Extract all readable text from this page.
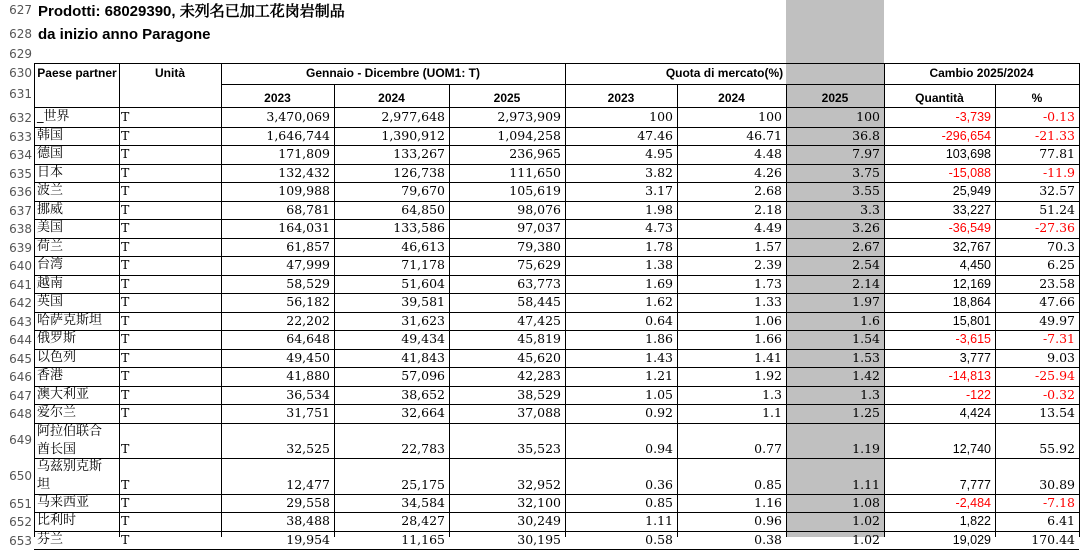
627
628
629
630
631
Prodotti: 68029390, 未列名已加工花岗岩制品
da inizio anno Paragone
Paese partner	Unità	Gennaio - Dicembre (UOM1: T)	Quota di mercato(%)	Cambio 2025/2024
2023	2024	2025	2023	2024	2025	Quantità	%
632 _世界	T	3,470,069	2,977,648	2,973,909	100	100	100	-3,739	-0.13
633 韩国	T	1,646,744	1,390,912	1,094,258	47.46	46.71	36.8	-296,654	-21.33
634 德国	T	171,809	133,267	236,965	4.95	4.48	7.97	103,698	77.81
635 日本	T	132,432	126,738	111,650	3.82	4.26	3.75	-15,088	-11.9
636 波兰	T	109,988	79,670	105,619	3.17	2.68	3.55	25,949	32.57
637 挪威	T	68,781	64,850	98,076	1.98	2.18	3.3	33,227	51.24
638 美国	T	164,031	133,586	97,037	4.73	4.49	3.26	-36,549	-27.36
639 荷兰	T	61,857	46,613	79,380	1.78	1.57	2.67	32,767	70.3
640 台湾	T	47,999	71,178	75,629	1.38	2.39	2.54	4,450	6.25
641 越南	T	58,529	51,604	63,773	1.69	1.73	2.14	12,169	23.58
642 英国	T	56,182	39,581	58,445	1.62	1.33	1.97	18,864	47.66
643 哈萨克斯坦 T	22,202	31,623	47,425	0.64	1.06	1.6	15,801	49.97
644 俄罗斯	T	64,648	49,434	45,819	1.86	1.66	1.54	-3,615	-7.31
645 以色列	T	49,450	41,843	45,620	1.43	1.41	1.53	3,777	9.03
646 香港	T	41,880	57,096	42,283	1.21	1.92	1.42	-14,813	-25.94
647 澳大利亚	T	36,534	38,652	38,529	1.05	1.3	1.3	-122	-0.32
648 爱尔兰	T	31,751	32,664	37,088	0.92	1.1	1.25	4,424	13.54
649
阿拉伯联合
酋长国	T	32,525	22,783	35,523	0.94	0.77	1.19	12,740	55.92
650
乌兹别克斯
坦	T	12,477	25,175	32,952	0.36	0.85	1.11	7,777	30.89
651 马来西亚	T	29,558	34,584	32,100	0.85	1.16	1.08	-2,484	-7.18
652 比利时	T	38,488	28,427	30,249	1.11	0.96	1.02	1,822	6.41
653 芬兰	T	19,954	11,165	30,195	0.58	0.38	1.02	19,029	170.44
